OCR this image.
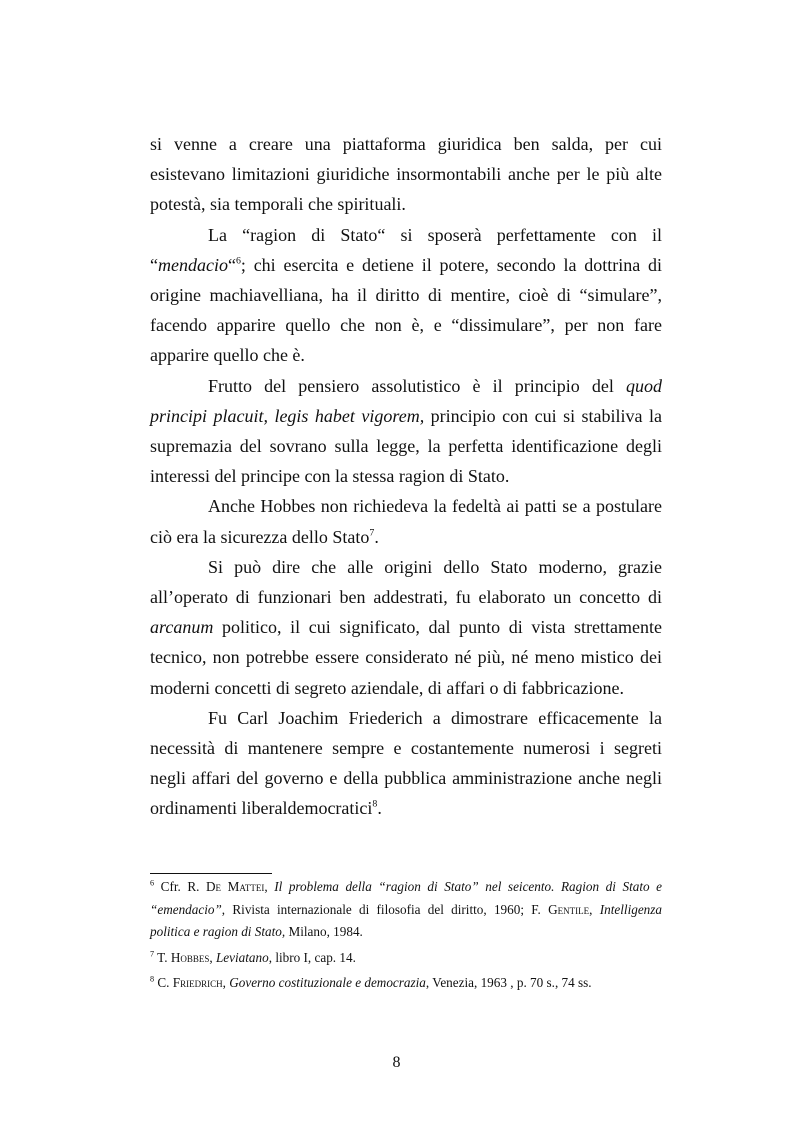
si venne a creare una piattaforma giuridica ben salda, per cui esistevano limitazioni giuridiche insormontabili anche per le più alte potestà, sia temporali che spirituali.

La “ragion di Stato“ si sposerà perfettamente con il “mendacio“$^6$; chi esercita e detiene il potere, secondo la dottrina di origine machiavelliana, ha il diritto di mentire, cioè di “simulare”, facendo apparire quello che non è, e “dissimulare”, per non fare apparire quello che è.

Frutto del pensiero assolutistico è il principio del quod principi placuit, legis habet vigorem, principio con cui si stabiliva la supremazia del sovrano sulla legge, la perfetta identificazione degli interessi del principe con la stessa ragion di Stato.

Anche Hobbes non richiedeva la fedeltà ai patti se a postulare ciò era la sicurezza dello Stato$^7$.

Si può dire che alle origini dello Stato moderno, grazie all’operato di funzionari ben addestrati, fu elaborato un concetto di arcanum politico, il cui significato, dal punto di vista strettamente tecnico, non potrebbe essere considerato né più, né meno mistico dei moderni concetti di segreto aziendale, di affari o di fabbricazione.

Fu Carl Joachim Friederich a dimostrare efficacemente la necessità di mantenere sempre e costantemente numerosi i segreti negli affari del governo e della pubblica amministrazione anche negli ordinamenti liberaldemocratici$^8$.

$^6$ Cfr. R. De Mattei, Il problema della “ragion di Stato” nel seicento. Ragion di Stato e “emendacio”, Rivista internazionale di filosofia del diritto, 1960; F. Gentile, Intelligenza politica e ragion di Stato, Milano, 1984.

$^7$ T. Hobbes, Leviatano, libro I, cap. 14.

$^8$ C. Friedrich, Governo costituzionale e democrazia, Venezia, 1963 , p. 70 s., 74 ss.

8
